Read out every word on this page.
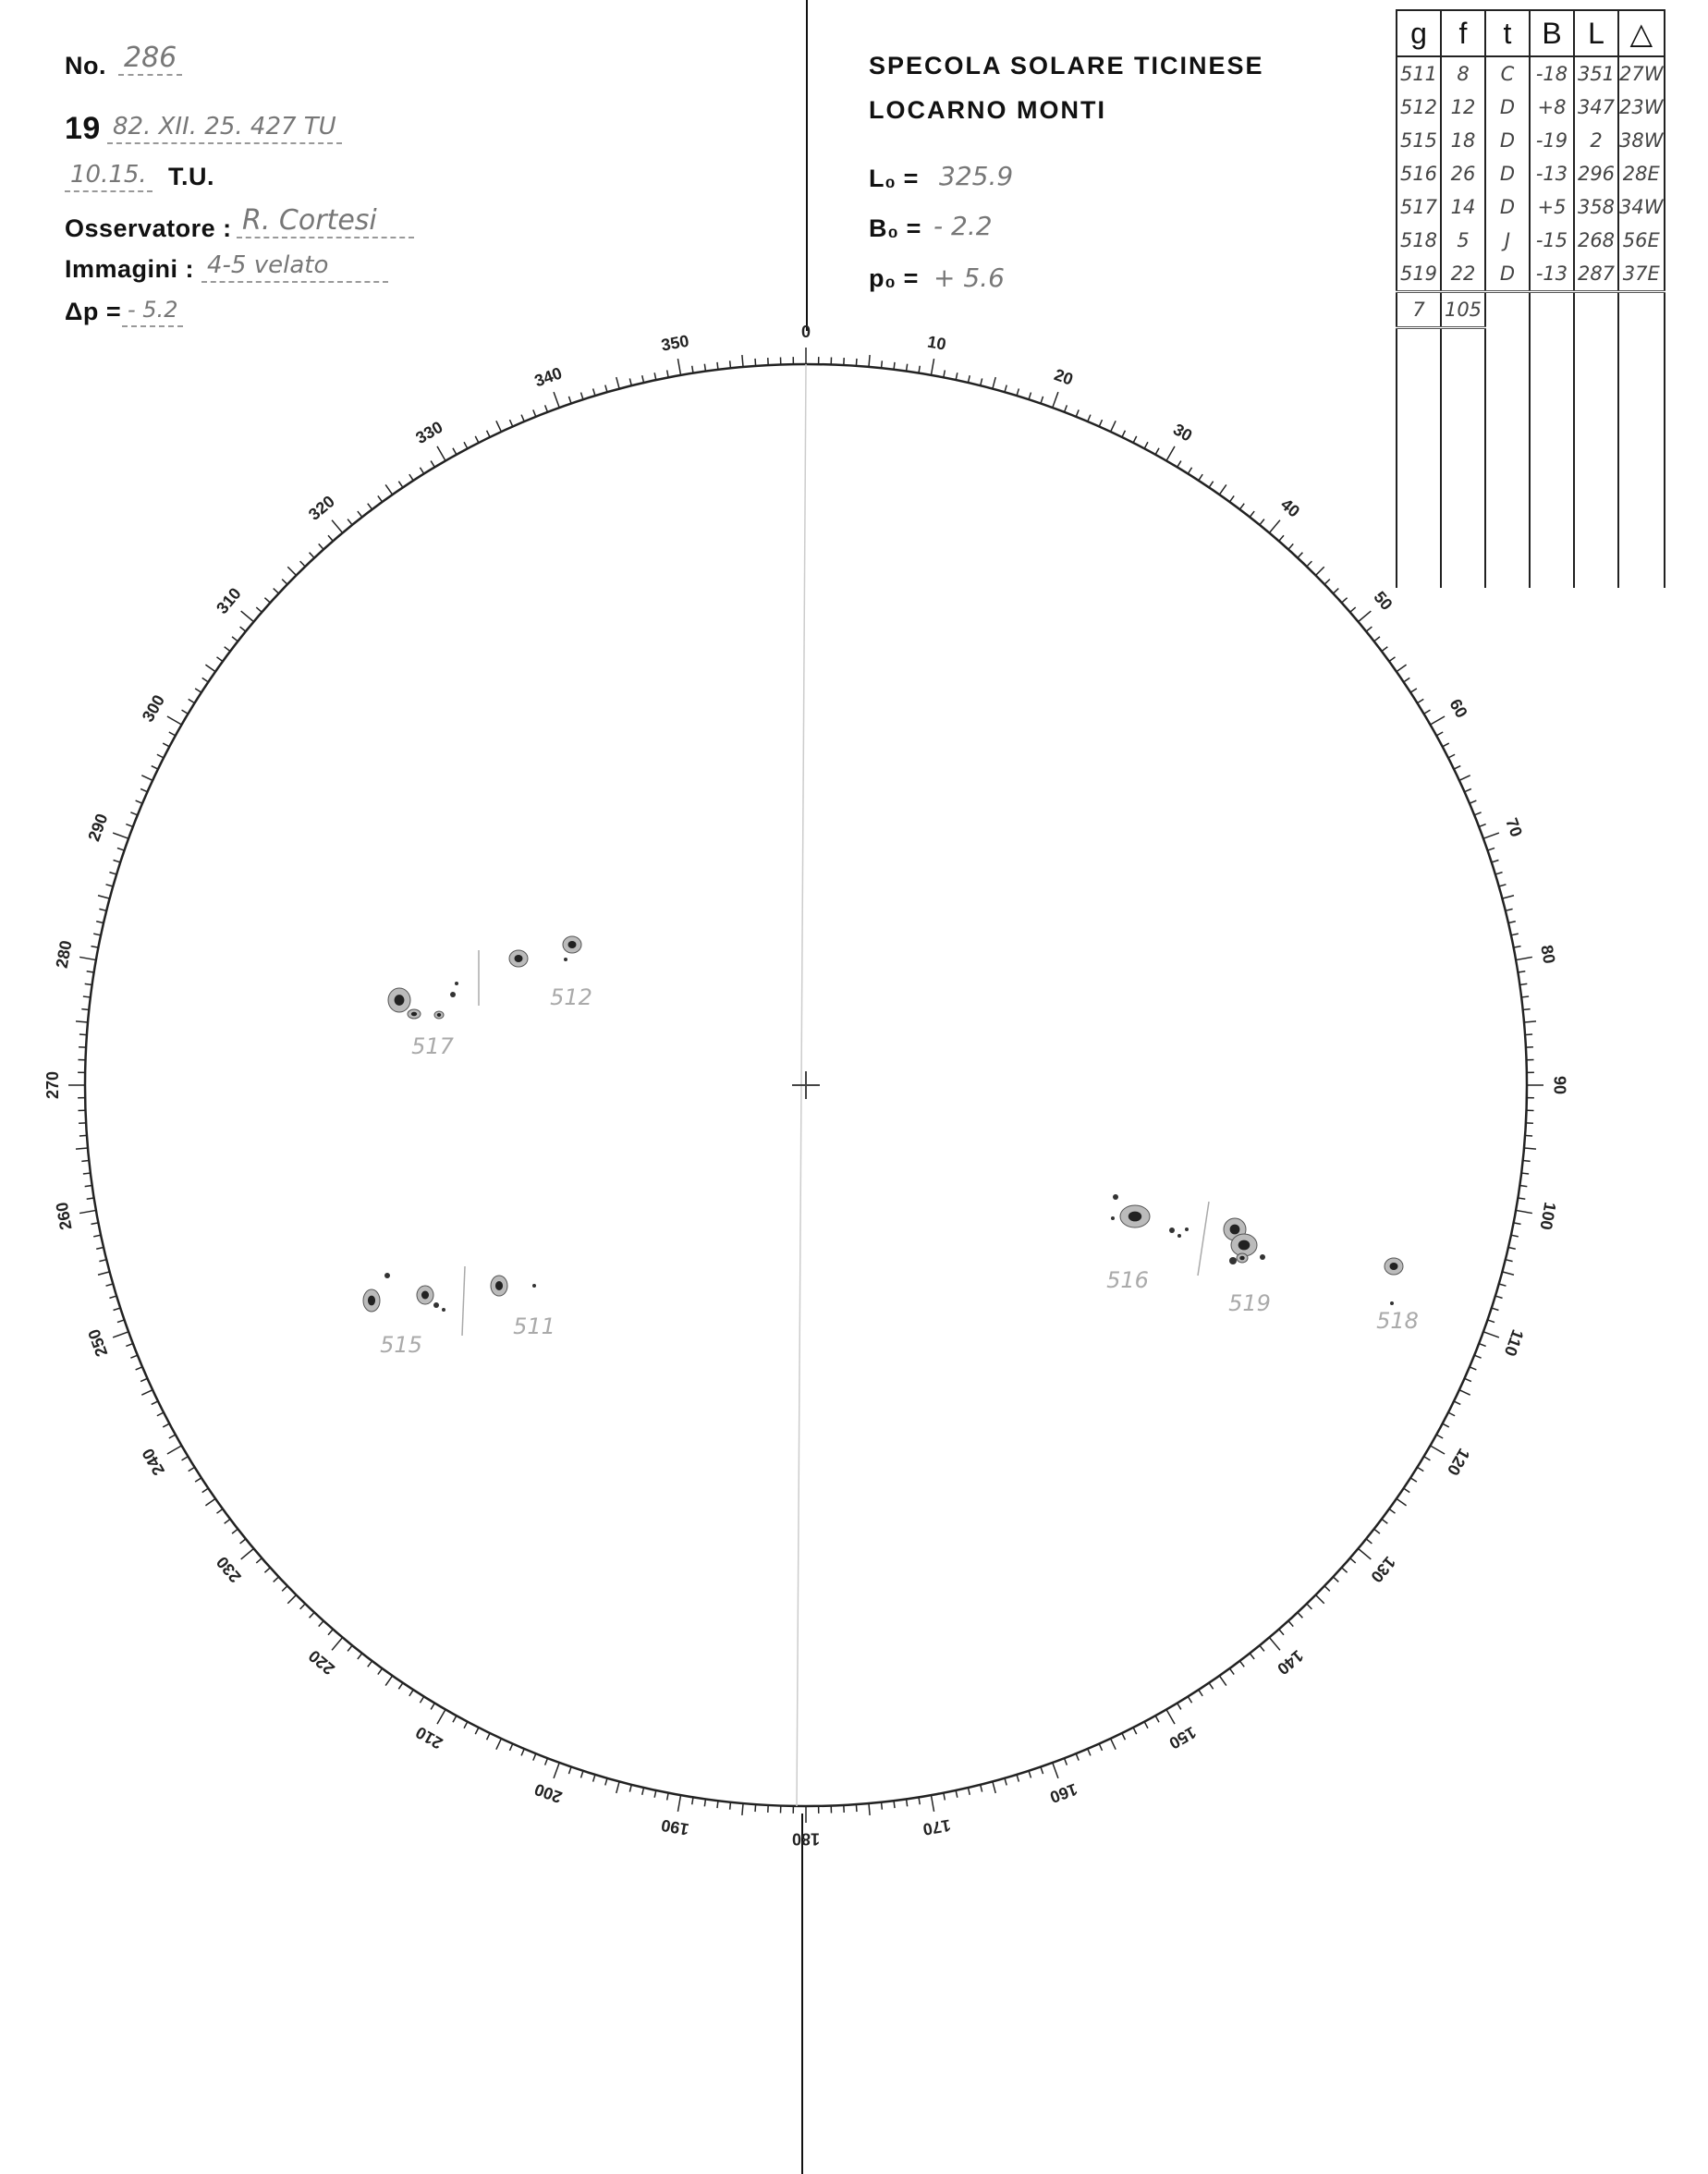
No. 286
19 82. XII. 25. 427 TU
10.15. T.U.
Osservatore : R. Cortesi
Immagini : 4-5 velato
Δp = - 5.2
SPECOLA SOLARE TICINESE
LOCARNO MONTI
L₀ = 325.9
B₀ = - 2.2
p₀ = + 5.6
g	f	t	B	L	△
511	8	C	-18	351	27W
512	12	D	+8	347	23W
515	18	D	-19	2	38W
516	26	D	-13	296	28E
517	14	D	+5	358	34W
518	5	J	-15	268	56E
519	22	D	-13	287	37E
7	105				

0
10
20
30
40
50
60
70
80
90
100
110
120
130
140
150
160
170
180
190
200
210
220
230
240
250
260
270
280
290
300
310
320
330
340
350
511
512
515
516
517
518
519
